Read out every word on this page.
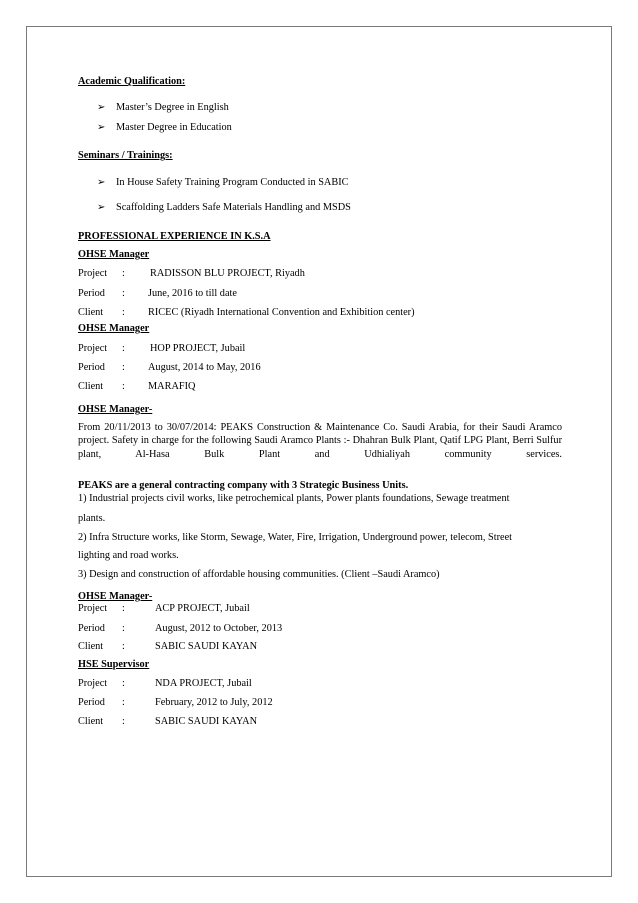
Academic Qualification:
➢ Master’s Degree in English
➢ Master Degree in Education
Seminars / Trainings:
➢ In House Safety Training Program Conducted in SABIC
➢ Scaffolding Ladders Safe Materials Handling and MSDS
PROFESSIONAL EXPERIENCE IN K.S.A
OHSE Manager
Project : RADISSON BLU PROJECT, Riyadh
Period : June, 2016 to till date
Client : RICEC (Riyadh International Convention and Exhibition center)
OHSE Manager
Project : HOP PROJECT, Jubail
Period : August, 2014 to May, 2016
Client : MARAFIQ
OHSE Manager-
From 20/11/2013 to 30/07/2014: PEAKS Construction & Maintenance Co. Saudi Arabia, for their Saudi Aramco project. Safety in charge for the following Saudi Aramco Plants :- Dhahran Bulk Plant, Qatif LPG Plant, Berri Sulfur plant, Al-Hasa Bulk Plant and Udhialiyah community services.
PEAKS are a general contracting company with 3 Strategic Business Units.
1) Industrial projects civil works, like petrochemical plants, Power plants foundations, Sewage treatment
plants.
2) Infra Structure works, like Storm, Sewage, Water, Fire, Irrigation, Underground power, telecom, Street
lighting and road works.
3) Design and construction of affordable housing communities. (Client –Saudi Aramco)
OHSE Manager-
Project :	ACP PROJECT, Jubail
Period :	August, 2012 to October, 2013
Client :	SABIC SAUDI KAYAN
HSE Supervisor
Project :	NDA PROJECT, Jubail
Period :	February, 2012 to July, 2012
Client :	SABIC SAUDI KAYAN
